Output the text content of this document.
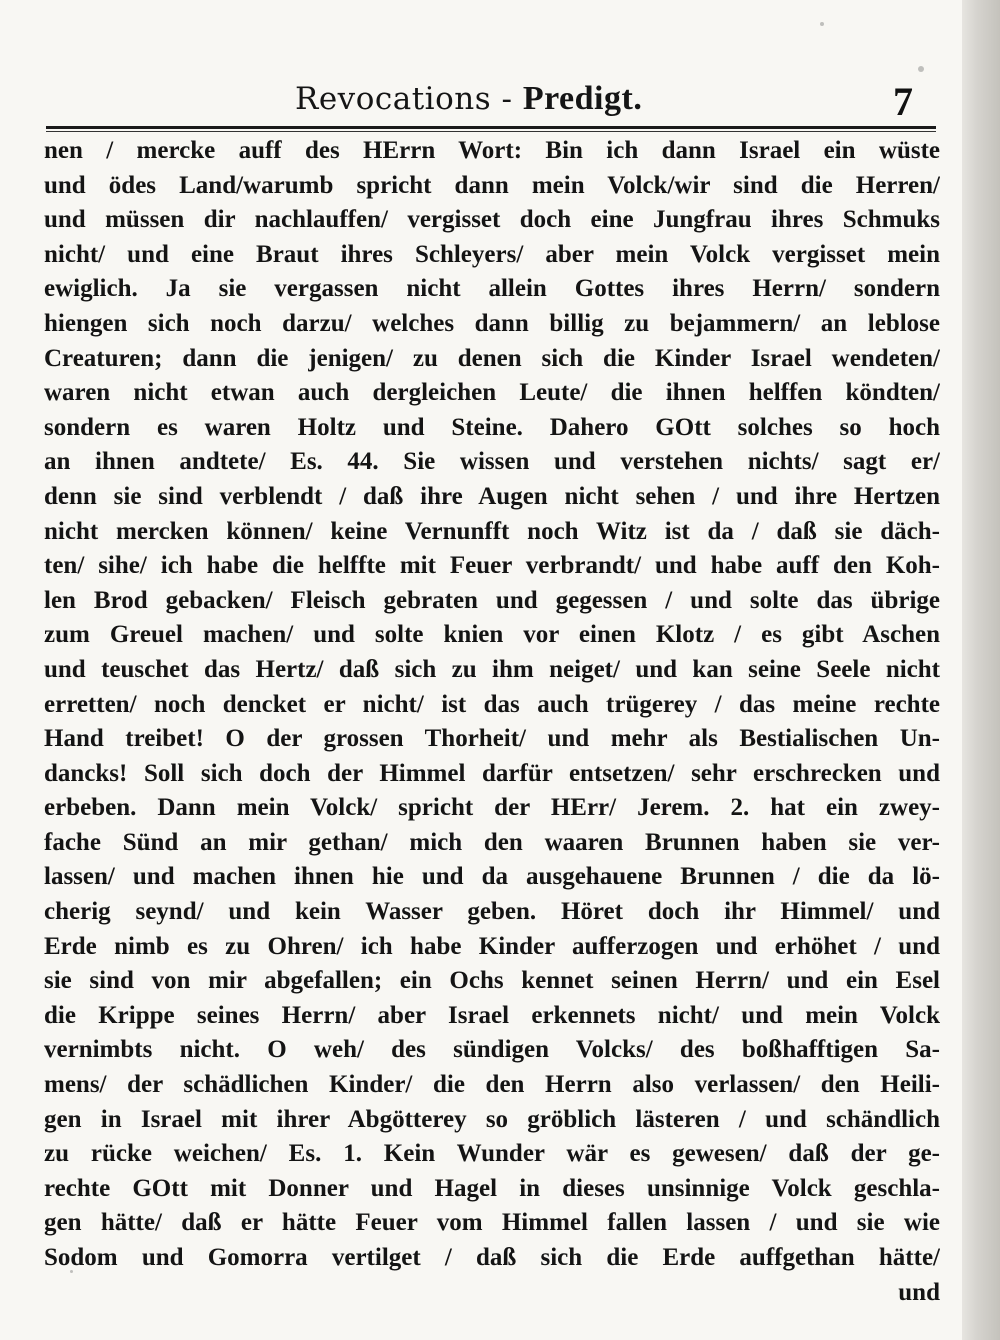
Revocations - Predigt.	7
nen / mercke auff des HErrn Wort: Bin ich dann Israel ein wüste
und ödes Land/warumb spricht dann mein Volck/wir sind die Herren/
und müssen dir nachlauffen/ vergisset doch eine Jungfrau ihres Schmuks
nicht/ und eine Braut ihres Schleyers/ aber mein Volck vergisset mein
ewiglich. Ja sie vergassen nicht allein Gottes ihres Herrn/ sondern
hiengen sich noch darzu/ welches dann billig zu bejammern/ an leblose
Creaturen; dann die jenigen/ zu denen sich die Kinder Israel wendeten/
waren nicht etwan auch dergleichen Leute/ die ihnen helffen köndten/
sondern es waren Holtz und Steine. Dahero GOtt solches so hoch
an ihnen andtete/ Es. 44. Sie wissen und verstehen nichts/ sagt er/
denn sie sind verblendt / daß ihre Augen nicht sehen / und ihre Hertzen
nicht mercken können/ keine Vernunfft noch Witz ist da / daß sie däch-
ten/ sihe/ ich habe die helffte mit Feuer verbrandt/ und habe auff den Koh-
len Brod gebacken/ Fleisch gebraten und gegessen / und solte das übrige
zum Greuel machen/ und solte knien vor einen Klotz / es gibt Aschen
und teuschet das Hertz/ daß sich zu ihm neiget/ und kan seine Seele nicht
erretten/ noch dencket er nicht/ ist das auch trügerey / das meine rechte
Hand treibet! O der grossen Thorheit/ und mehr als Bestialischen Un-
dancks! Soll sich doch der Himmel darfür entsetzen/ sehr erschrecken und
erbeben. Dann mein Volck/ spricht der HErr/ Jerem. 2. hat ein zwey-
fache Sünd an mir gethan/ mich den waaren Brunnen haben sie ver-
lassen/ und machen ihnen hie und da ausgehauene Brunnen / die da lö-
cherig seynd/ und kein Wasser geben. Höret doch ihr Himmel/ und
Erde nimb es zu Ohren/ ich habe Kinder aufferzogen und erhöhet / und
sie sind von mir abgefallen; ein Ochs kennet seinen Herrn/ und ein Esel
die Krippe seines Herrn/ aber Israel erkennets nicht/ und mein Volck
vernimbts nicht. O weh/ des sündigen Volcks/ des boßhafftigen Sa-
mens/ der schädlichen Kinder/ die den Herrn also verlassen/ den Heili-
gen in Israel mit ihrer Abgötterey so gröblich lästeren / und schändlich
zu rücke weichen/ Es. 1. Kein Wunder wär es gewesen/ daß der ge-
rechte GOtt mit Donner und Hagel in dieses unsinnige Volck geschla-
gen hätte/ daß er hätte Feuer vom Himmel fallen lassen / und sie wie
Sodom und Gomorra vertilget / daß sich die Erde auffgethan hätte/
und
